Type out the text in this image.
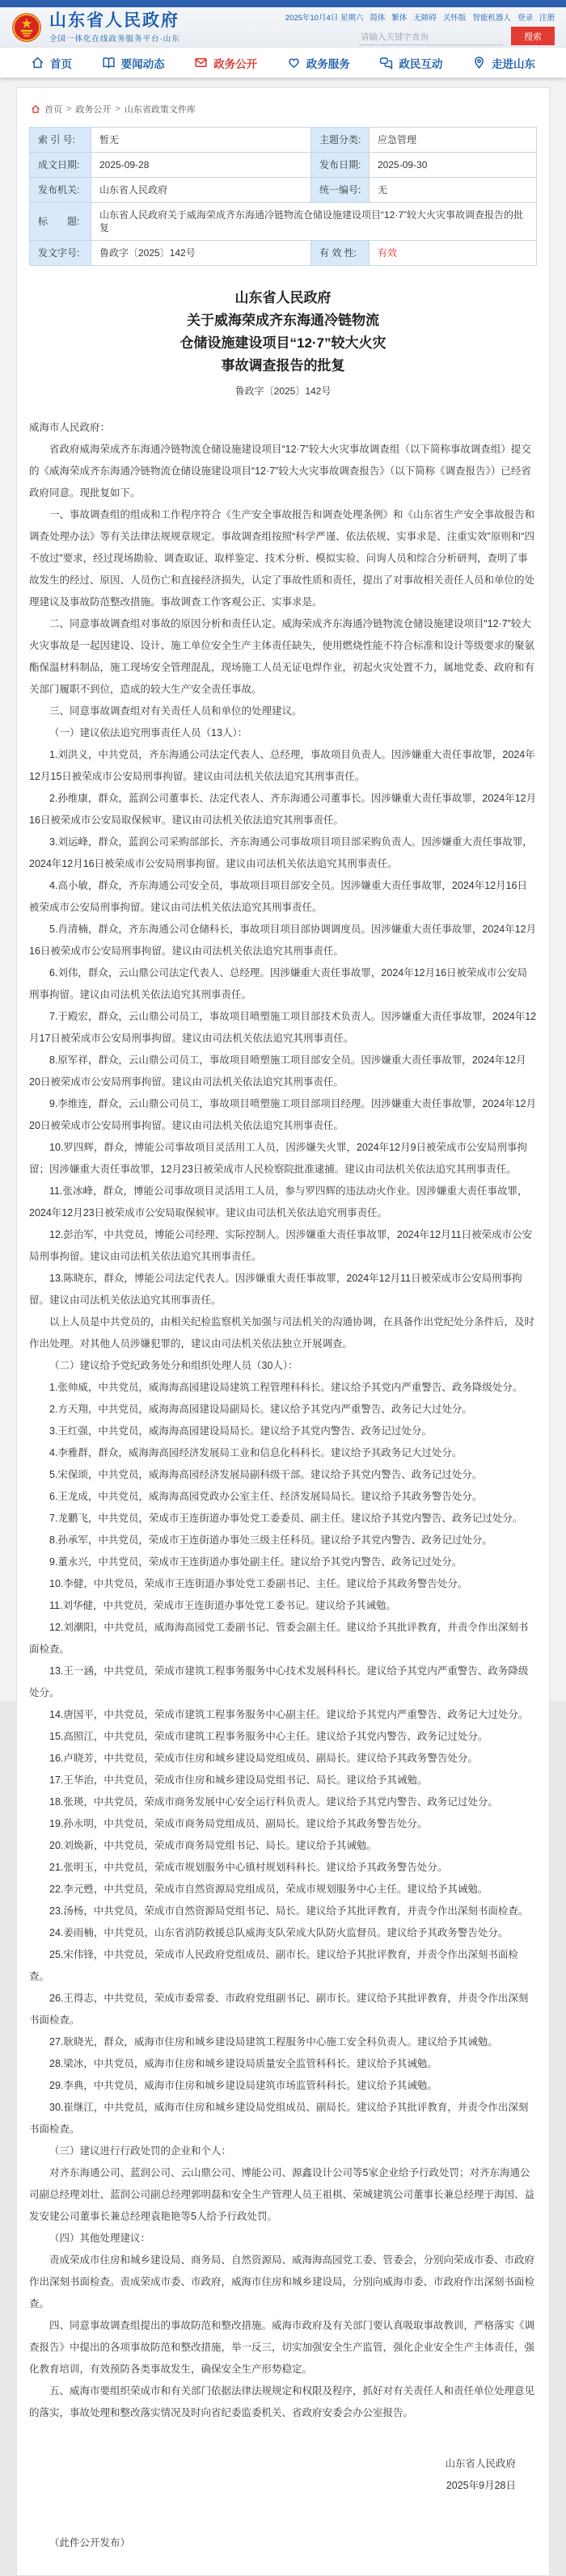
山东省人民政府
全国一体化在线政务服务平台·山东
2025年10月4日 星期六 简体 繁体 无障碍 关怀版 智能机器人 登录 注册
请输入关键字查询
搜索
首页	要闻动态	政务公开	政务服务	政民互动	走进山东
首页 > 政务公开 > 山东省政策文件库
索 引 号:	暂无	主题分类:	应急管理
成文日期:	2025-09-28	发布日期:	2025-09-30
发布机关:	山东省人民政府	统一编号:	无
标　　题:	山东省人民政府关于威海荣成齐东海通冷链物流仓储设施建设项目“12·7”较大火灾事故调查报告的批复		
发文字号:	鲁政字〔2025〕142号	有 效 性:	有效
山东省人民政府
关于威海荣成齐东海通冷链物流
仓储设施建设项目“12·7”较大火灾
事故调查报告的批复
鲁政字〔2025〕142号

威海市人民政府：

省政府威海荣成齐东海通冷链物流仓储设施建设项目“12·7”较大火灾事故调查组（以下简称事故调查组）提交的《威海荣成齐东海通冷链物流仓储设施建设项目“12·7”较大火灾事故调查报告》（以下简称《调查报告》）已经省政府同意。现批复如下。

一、事故调查组的组成和工作程序符合《生产安全事故报告和调查处理条例》和《山东省生产安全事故报告和调查处理办法》等有关法律法规规章规定。事故调查组按照“科学严谨、依法依规、实事求是、注重实效”原则和“四不放过”要求，经过现场勘验、调查取证、取样鉴定、技术分析、模拟实验、问询人员和综合分析研判，查明了事故发生的经过、原因、人员伤亡和直接经济损失，认定了事故性质和责任，提出了对事故相关责任人员和单位的处理建议及事故防范整改措施。事故调查工作客观公正、实事求是。

二、同意事故调查组对事故的原因分析和责任认定。威海荣成齐东海通冷链物流仓储设施建设项目“12·7”较大火灾事故是一起因建设、设计、施工单位安全生产主体责任缺失，使用燃烧性能不符合标准和设计等级要求的聚氨酯保温材料制品，施工现场安全管理混乱，现场施工人员无证电焊作业，初起火灾处置不力，属地党委、政府和有关部门履职不到位，造成的较大生产安全责任事故。

三、同意事故调查组对有关责任人员和单位的处理建议。

（一）建议依法追究刑事责任人员（13人）：

1.刘洪义，中共党员，齐东海通公司法定代表人、总经理，事故项目负责人。因涉嫌重大责任事故罪，2024年12月15日被荣成市公安局刑事拘留。建议由司法机关依法追究其刑事责任。

2.孙维康，群众，蓝润公司董事长、法定代表人、齐东海通公司董事长。因涉嫌重大责任事故罪，2024年12月16日被荣成市公安局取保候审。建议由司法机关依法追究其刑事责任。

3.刘运峰，群众，蓝润公司采购部部长、齐东海通公司事故项目项目部采购负责人。因涉嫌重大责任事故罪，2024年12月16日被荣成市公安局刑事拘留。建议由司法机关依法追究其刑事责任。

4.高小敏，群众，齐东海通公司安全员，事故项目项目部安全员。因涉嫌重大责任事故罪，2024年12月16日被荣成市公安局刑事拘留。建议由司法机关依法追究其刑事责任。

5.肖清楠，群众，齐东海通公司仓储科长，事故项目项目部协调调度员。因涉嫌重大责任事故罪，2024年12月16日被荣成市公安局刑事拘留。建议由司法机关依法追究其刑事责任。

6.刘伟，群众，云山鼎公司法定代表人、总经理。因涉嫌重大责任事故罪，2024年12月16日被荣成市公安局刑事拘留。建议由司法机关依法追究其刑事责任。

7.于殿宏，群众，云山鼎公司员工，事故项目喷塑施工项目部技术负责人。因涉嫌重大责任事故罪，2024年12月17日被荣成市公安局刑事拘留。建议由司法机关依法追究其刑事责任。

8.原军祥，群众，云山鼎公司员工，事故项目喷塑施工项目部安全员。因涉嫌重大责任事故罪，2024年12月20日被荣成市公安局刑事拘留。建议由司法机关依法追究其刑事责任。

9.李维连，群众，云山鼎公司员工，事故项目喷塑施工项目部项目经理。因涉嫌重大责任事故罪，2024年12月20日被荣成市公安局刑事拘留。建议由司法机关依法追究其刑事责任。

10.罗四辉，群众，博能公司事故项目灵活用工人员，因涉嫌失火罪，2024年12月9日被荣成市公安局刑事拘留；因涉嫌重大责任事故罪，12月23日被荣成市人民检察院批准逮捕。建议由司法机关依法追究其刑事责任。

11.张冰峰，群众，博能公司事故项目灵活用工人员，参与罗四辉的违法动火作业。因涉嫌重大责任事故罪，2024年12月23日被荣成市公安局取保候审。建议由司法机关依法追究刑事责任。

12.彭治军，中共党员，博能公司经理、实际控制人。因涉嫌重大责任事故罪，2024年12月11日被荣成市公安局刑事拘留。建议由司法机关依法追究其刑事责任。

13.陈晓东，群众，博能公司法定代表人。因涉嫌重大责任事故罪，2024年12月11日被荣成市公安局刑事拘留。建议由司法机关依法追究其刑事责任。

以上人员是中共党员的，由相关纪检监察机关加强与司法机关的沟通协调，在具备作出党纪处分条件后，及时作出处理。对其他人员涉嫌犯罪的，建议由司法机关依法独立开展调查。

（二）建议给予党纪政务处分和组织处理人员（30人）：

1.张帅威，中共党员，威海海高园建设局建筑工程管理科科长。建议给予其党内严重警告、政务降级处分。

2.方天翔，中共党员，威海海高园建设局副局长。建议给予其党内严重警告、政务记大过处分。

3.王红强，中共党员，威海海高园建设局局长。建议给予其党内警告、政务记过处分。

4.李雅群，群众，威海海高园经济发展局工业和信息化科科长。建议给予其政务记大过处分。

5.宋保颂，中共党员，威海海高园经济发展局副科级干部。建议给予其党内警告、政务记过处分。

6.王龙成，中共党员，威海海高园党政办公室主任、经济发展局局长。建议给予其政务警告处分。

7.龙鹏飞，中共党员，荣成市王连街道办事处党工委委员、副主任。建议给予其党内警告、政务记过处分。

8.孙承军，中共党员，荣成市王连街道办事处三级主任科员。建议给予其党内警告、政务记过处分。

9.董永兴，中共党员，荣成市王连街道办事处副主任。建议给予其党内警告、政务记过处分。

10.李健，中共党员，荣成市王连街道办事处党工委副书记、主任。建议给予其政务警告处分。

11.刘华健，中共党员，荣成市王连街道办事处党工委书记。建议给予其诫勉。

12.刘潮阳，中共党员，威海海高园党工委副书记、管委会副主任。建议给予其批评教育，并责令作出深刻书面检查。

13.王一涵，中共党员，荣成市建筑工程事务服务中心技术发展科科长。建议给予其党内严重警告、政务降级处分。

14.唐国平，中共党员，荣成市建筑工程事务服务中心副主任。建议给予其党内严重警告、政务记大过处分。

15.高照江，中共党员，荣成市建筑工程事务服务中心主任。建议给予其党内警告、政务记过处分。

16.卢晓芳，中共党员，荣成市住房和城乡建设局党组成员、副局长。建议给予其政务警告处分。

17.王华治，中共党员，荣成市住房和城乡建设局党组书记、局长。建议给予其诫勉。

18.张瑛，中共党员，荣成市商务发展中心安全运行科负责人。建议给予其党内警告、政务记过处分。

19.孙永明，中共党员，荣成市商务局党组成员、副局长。建议给予其政务警告处分。

20.刘焕新，中共党员，荣成市商务局党组书记、局长。建议给予其诫勉。

21.张明玉，中共党员，荣成市规划服务中心镇村规划科科长。建议给予其政务警告处分。

22.李元甦，中共党员，荣成市自然资源局党组成员，荣成市规划服务中心主任。建议给予其诫勉。

23.汤杨，中共党员，荣成市自然资源局党组书记、局长。建议给予其批评教育，并责令作出深刻书面检查。

24.姜雨楠，中共党员，山东省消防救援总队威海支队荣成大队防火监督员。建议给予其政务警告处分。

25.宋伟锋，中共党员，荣成市人民政府党组成员、副市长。建议给予其批评教育，并责令作出深刻书面检查。

26.王得志，中共党员，荣成市委常委、市政府党组副书记、副市长。建议给予其批评教育，并责令作出深刻书面检查。

27.耿晓光，群众，威海市住房和城乡建设局建筑工程服务中心施工安全科负责人。建议给予其诫勉。

28.梁冰，中共党员，威海市住房和城乡建设局质量安全监管科科长。建议给予其诫勉。

29.李典，中共党员，威海市住房和城乡建设局建筑市场监管科科长。建议给予其诫勉。

30.崔继江，中共党员，威海市住房和城乡建设局党组成员、副局长。建议给予其批评教育，并责令作出深刻书面检查。

（三）建议进行行政处罚的企业和个人：

对齐东海通公司、蓝润公司、云山鼎公司、博能公司、源鑫设计公司等5家企业给予行政处罚；对齐东海通公司副总经理刘壮、蓝润公司副总经理郭明磊和安全生产管理人员王祖棋、荣城建筑公司董事长兼总经理于海国、益发安建公司董事长兼总经理袁艳艳等5人给予行政处罚。

（四）其他处理建议：

责成荣成市住房和城乡建设局、商务局、自然资源局、威海海高园党工委、管委会，分别向荣成市委、市政府作出深刻书面检查。责成荣成市委、市政府，威海市住房和城乡建设局，分别向威海市委、市政府作出深刻书面检查。

四、同意事故调查组提出的事故防范和整改措施。威海市政府及有关部门要认真吸取事故教训，严格落实《调查报告》中提出的各项事故防范和整改措施，举一反三，切实加强安全生产监管，强化企业安全生产主体责任，强化教育培训，有效预防各类事故发生，确保安全生产形势稳定。

五、威海市要组织荣成市和有关部门依据法律法规规定和权限及程序，抓好对有关责任人和责任单位处理意见的落实，事故处理和整改落实情况及时向省纪委监委机关、省政府安委会办公室报告。

山东省人民政府
2025年9月28日

（此件公开发布）
